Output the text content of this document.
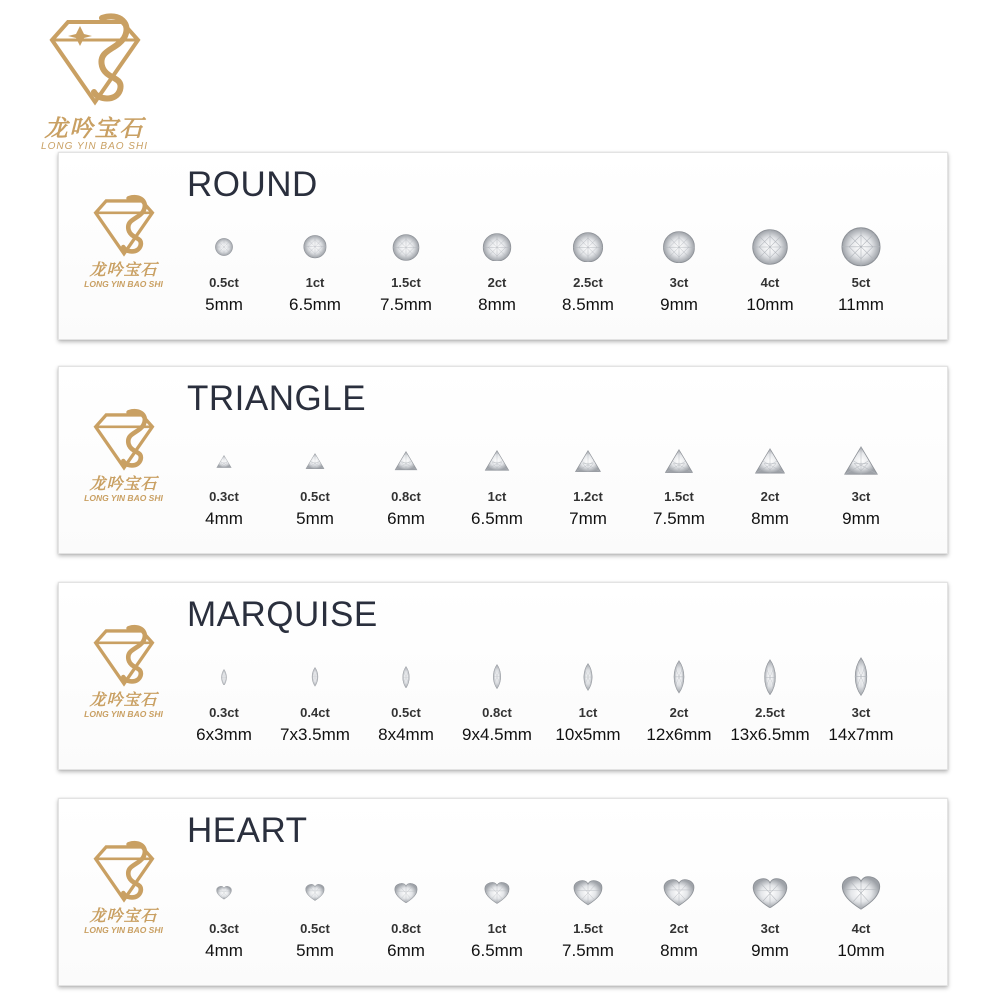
龙吟宝石
LONG YIN BAO SHI
龙吟宝石
LONG YIN BAO SHI
ROUND
0.5ct
5mm
1ct
6.5mm
1.5ct
7.5mm
2ct
8mm
2.5ct
8.5mm
3ct
9mm
4ct
10mm
5ct
11mm
龙吟宝石
LONG YIN BAO SHI
TRIANGLE
0.3ct
4mm
0.5ct
5mm
0.8ct
6mm
1ct
6.5mm
1.2ct
7mm
1.5ct
7.5mm
2ct
8mm
3ct
9mm
龙吟宝石
LONG YIN BAO SHI
MARQUISE
0.3ct
6x3mm
0.4ct
7x3.5mm
0.5ct
8x4mm
0.8ct
9x4.5mm
1ct
10x5mm
2ct
12x6mm
2.5ct
13x6.5mm
3ct
14x7mm
龙吟宝石
LONG YIN BAO SHI
HEART
0.3ct
4mm
0.5ct
5mm
0.8ct
6mm
1ct
6.5mm
1.5ct
7.5mm
2ct
8mm
3ct
9mm
4ct
10mm
